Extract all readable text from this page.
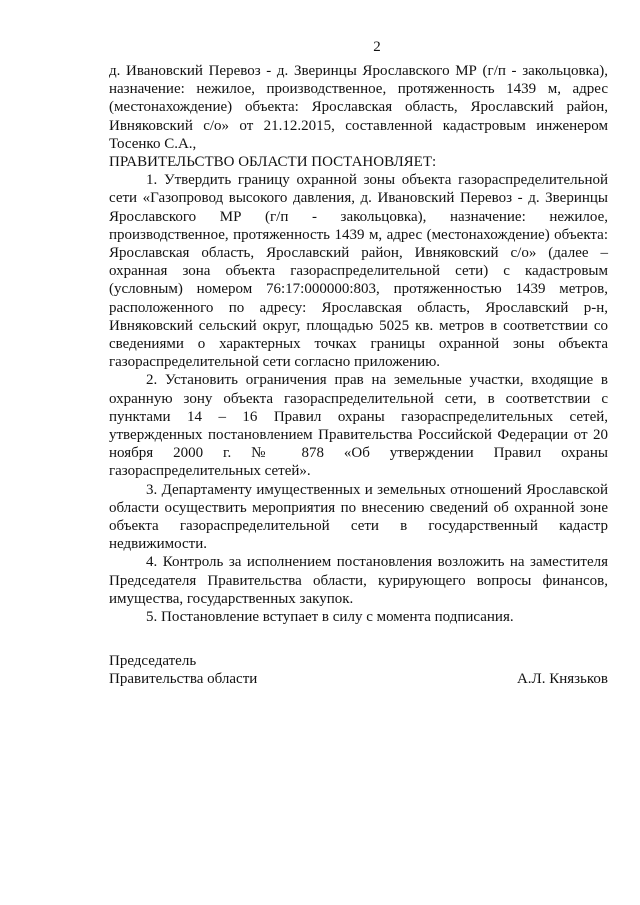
2

д. Ивановский Перевоз - д. Зверинцы Ярославского МР (г/п - закольцовка), назначение: нежилое, производственное, протяженность 1439 м, адрес (местонахождение) объекта: Ярославская область, Ярославский район, Ивняковский с/о» от 21.12.2015, составленной кадастровым инженером Тосенко С.А.,

ПРАВИТЕЛЬСТВО ОБЛАСТИ ПОСТАНОВЛЯЕТ:

1. Утвердить границу охранной зоны объекта газораспределительной сети «Газопровод высокого давления, д. Ивановский Перевоз - д. Зверинцы Ярославского МР (г/п - закольцовка), назначение: нежилое, производственное, протяженность 1439 м, адрес (местонахождение) объекта: Ярославская область, Ярославский район, Ивняковский с/о» (далее – охранная зона объекта газораспределительной сети) с кадастровым (условным) номером 76:17:000000:803, протяженностью 1439 метров, расположенного по адресу: Ярославская область, Ярославский р-н, Ивняковский сельский округ, площадью 5025 кв. метров в соответствии со сведениями о характерных точках границы охранной зоны объекта газораспределительной сети согласно приложению.

2. Установить ограничения прав на земельные участки, входящие в охранную зону объекта газораспределительной сети, в соответствии с пунктами 14 – 16 Правил охраны газораспределительных сетей, утвержденных постановлением Правительства Российской Федерации от 20 ноября 2000 г. № 878 «Об утверждении Правил охраны газораспределительных сетей».

3. Департаменту имущественных и земельных отношений Ярославской области осуществить мероприятия по внесению сведений об охранной зоне объекта газораспределительной сети в государственный кадастр недвижимости.

4. Контроль за исполнением постановления возложить на заместителя Председателя Правительства области, курирующего вопросы финансов, имущества, государственных закупок.

5. Постановление вступает в силу с момента подписания.

Председатель
Правительства области	А.Л. Князьков
